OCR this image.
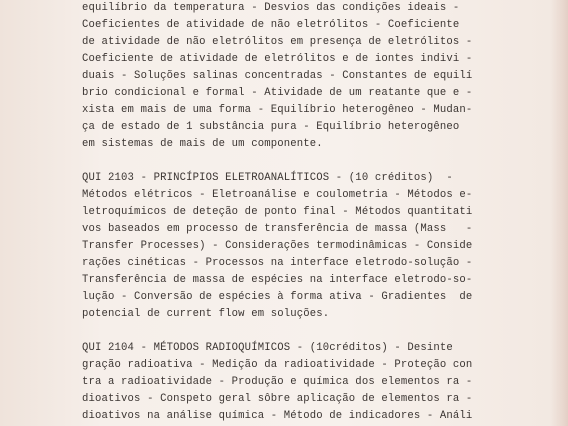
equilíbrio da temperatura - Desvios das condições ideais -

Coeficientes de atividade de não eletrólitos - Coeficiente

de atividade de não eletrólitos em presença de eletrólitos -

Coeficiente de atividade de eletrólitos e de iontes indivi -

duais - Soluções salinas concentradas - Constantes de equilí

brio condicional e formal - Atividade de um reatante que e -

xista em mais de uma forma - Equilíbrio heterogêneo - Mudan-

ça de estado de 1 substância pura - Equilíbrio heterogêneo

em sistemas de mais de um componente.

QUI 2103 - PRINCÍPIOS ELETROANALÍTICOS - (10 créditos)  -

Métodos elétricos - Eletroanálise e coulometria - Métodos e-

letroquímicos de deteção de ponto final - Métodos quantitati

vos baseados em processo de transferência de massa (Mass   -

Transfer Processes) - Considerações termodinâmicas - Conside

rações cinéticas - Processos na interface eletrodo-solução -

Transferência de massa de espécies na interface eletrodo-so-

lução - Conversão de espécies à forma ativa - Gradientes  de

potencial de current flow em soluções.

QUI 2104 - MÉTODOS RADIOQUÍMICOS - (10créditos) - Desinte

gração radioativa - Medição da radioatividade - Proteção con

tra a radioatividade - Produção e química dos elementos ra -

dioativos - Conspeto geral sôbre aplicação de elementos ra -

dioativos na análise química - Método de indicadores - Análi
